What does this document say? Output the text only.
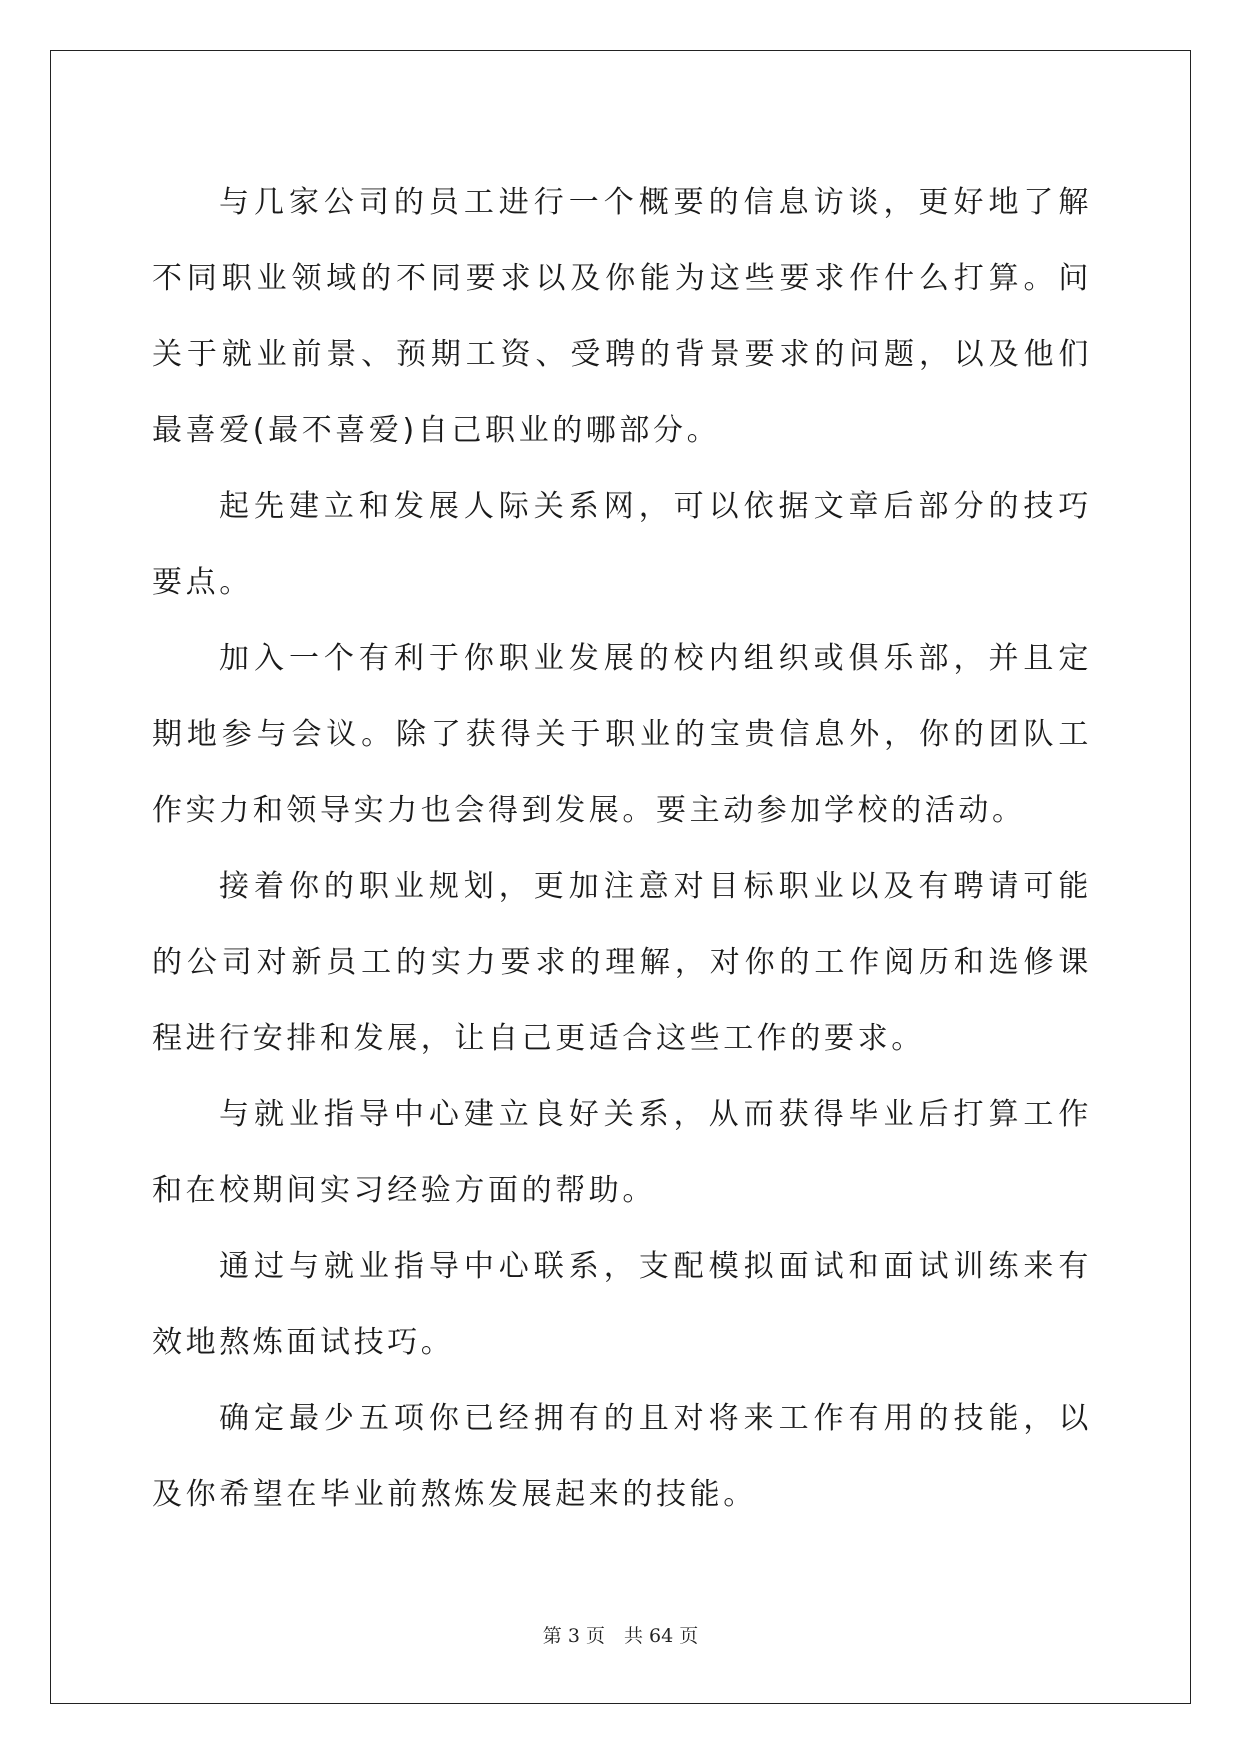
与几家公司的员工进行一个概要的信息访谈，更好地了解不同职业领域的不同要求以及你能为这些要求作什么打算。问关于就业前景、预期工资、受聘的背景要求的问题，以及他们最喜爱(最不喜爱)自己职业的哪部分。

起先建立和发展人际关系网，可以依据文章后部分的技巧要点。

加入一个有利于你职业发展的校内组织或俱乐部，并且定期地参与会议。除了获得关于职业的宝贵信息外，你的团队工作实力和领导实力也会得到发展。要主动参加学校的活动。

接着你的职业规划，更加注意对目标职业以及有聘请可能的公司对新员工的实力要求的理解，对你的工作阅历和选修课程进行安排和发展，让自己更适合这些工作的要求。

与就业指导中心建立良好关系，从而获得毕业后打算工作和在校期间实习经验方面的帮助。

通过与就业指导中心联系，支配模拟面试和面试训练来有效地熬炼面试技巧。

确定最少五项你已经拥有的且对将来工作有用的技能，以及你希望在毕业前熬炼发展起来的技能。

第 3 页　共 64 页
